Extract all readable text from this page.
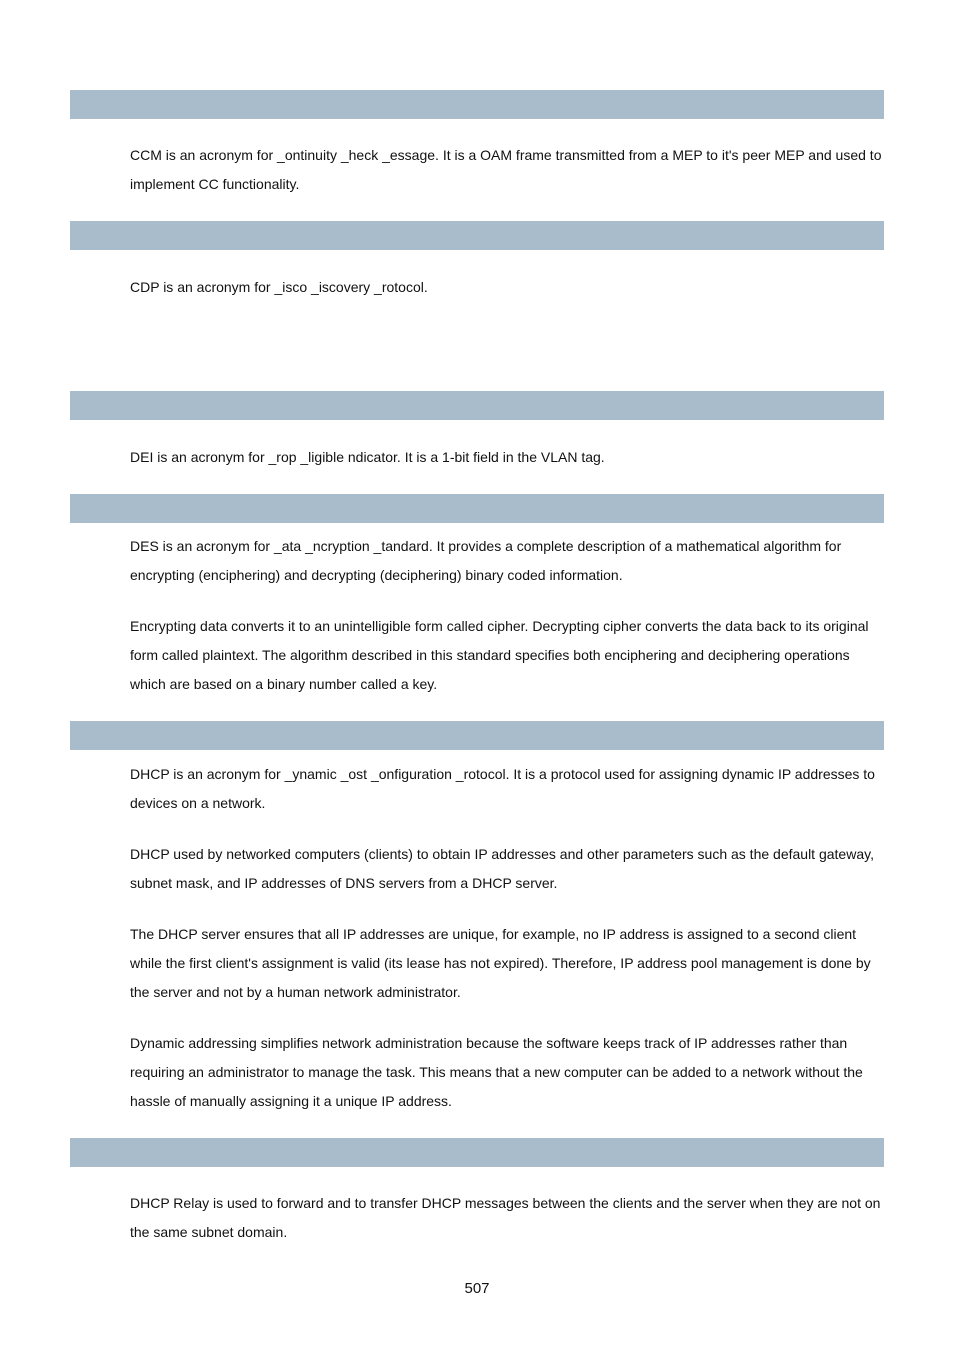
CCM is an acronym for _ontinuity _heck _essage. It is a OAM frame transmitted from a MEP to it's peer MEP and used to implement CC functionality.

CDP is an acronym for _isco _iscovery _rotocol.

DEI is an acronym for _rop _ligible ndicator. It is a 1-bit field in the VLAN tag.

DES is an acronym for _ata _ncryption _tandard. It provides a complete description of a mathematical algorithm for encrypting (enciphering) and decrypting (deciphering) binary coded information.

Encrypting data converts it to an unintelligible form called cipher. Decrypting cipher converts the data back to its original form called plaintext. The algorithm described in this standard specifies both enciphering and deciphering operations which are based on a binary number called a key.

DHCP is an acronym for _ynamic _ost _onfiguration _rotocol. It is a protocol used for assigning dynamic IP addresses to devices on a network.

DHCP used by networked computers (clients) to obtain IP addresses and other parameters such as the default gateway, subnet mask, and IP addresses of DNS servers from a DHCP server.

The DHCP server ensures that all IP addresses are unique, for example, no IP address is assigned to a second client while the first client's assignment is valid (its lease has not expired). Therefore, IP address pool management is done by the server and not by a human network administrator.

Dynamic addressing simplifies network administration because the software keeps track of IP addresses rather than requiring an administrator to manage the task. This means that a new computer can be added to a network without the hassle of manually assigning it a unique IP address.

DHCP Relay is used to forward and to transfer DHCP messages between the clients and the server when they are not on the same subnet domain.

507
